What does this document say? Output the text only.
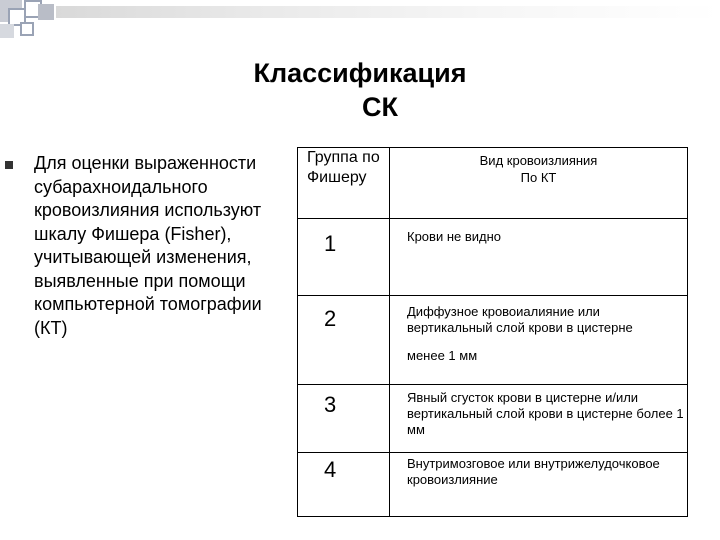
Классификация
СК
Для оценки выраженности субарахноидального кровоизлияния используют шкалу Фишера (Fisher), учитывающей изменения, выявленные при помощи компьютерной томографии (КТ)
Группа по Фишеру	Вид кровоизлияния
По КТ

1	Крови не видно
2	Диффузное кровоиалияние или вертикальный слой крови в цистерне
менее 1 мм

3	Явный сгусток крови в цистерне и/или вертикальный слой крови в цистерне более 1 мм
4	Внутримозговое или внутрижелудочковое кровоизлияние
